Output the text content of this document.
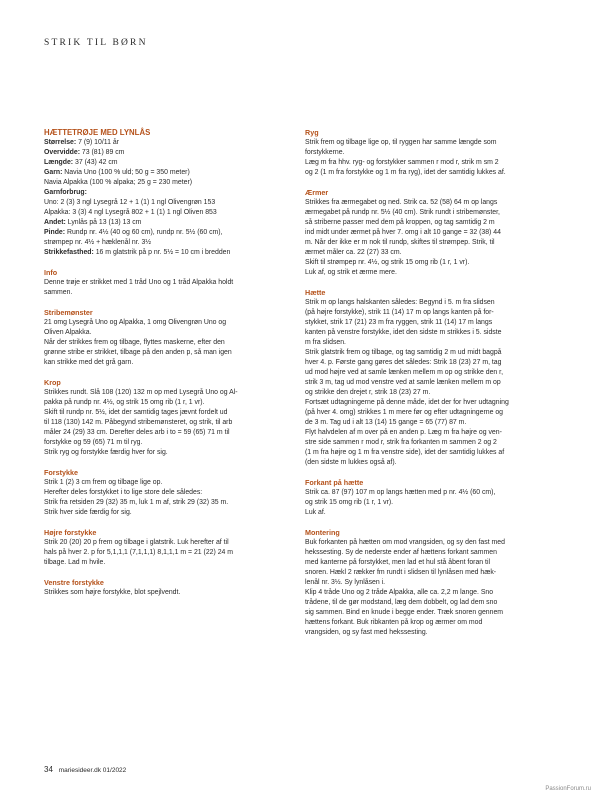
STRIK TIL BØRN
HÆTTETRØJE MED LYNLÅS
Størrelse: 7 (9) 10/11 år
Overvidde: 73 (81) 89 cm
Længde: 37 (43) 42 cm
Garn: Navia Uno (100 % uld; 50 g = 350 meter)
Navia Alpakka (100 % alpaka; 25 g = 230 meter)
Garnforbrug:
Uno: 2 (3) 3 ngl Lysegrå 12 + 1 (1) 1 ngl Olivengrøn 153
Alpakka: 3 (3) 4 ngl Lysegrå 802 + 1 (1) 1 ngl Oliven 853
Andet: Lynlås på 13 (13) 13 cm
Pinde: Rundp nr. 4½ (40 og 60 cm), rundp nr. 5½ (60 cm),
strømpep nr. 4½ + hæklenål nr. 3½
Strikkefasthed: 16 m glatstrik på p nr. 5½ = 10 cm i bredden
Info
Denne trøje er strikket med 1 tråd Uno og 1 tråd Alpakka holdt
sammen.
Stribemønster
21 omg Lysegrå Uno og Alpakka, 1 omg Olivengrøn Uno og
Oliven Alpakka.
Når der strikkes frem og tilbage, flyttes maskerne, efter den
grønne stribe er strikket, tilbage på den anden p, så man igen
kan strikke med det grå garn.
Krop
Strikkes rundt. Slå 108 (120) 132 m op med Lysegrå Uno og Al-
pakka på rundp nr. 4½, og strik 15 omg rib (1 r, 1 vr).
Skift til rundp nr. 5½, idet der samtidig tages jævnt fordelt ud
til 118 (130) 142 m. Påbegynd stribemønsteret, og strik, til arb
måler 24 (29) 33 cm. Derefter deles arb i to = 59 (65) 71 m til
forstykke og 59 (65) 71 m til ryg.
Strik ryg og forstykke færdig hver for sig.
Forstykke
Strik 1 (2) 3 cm frem og tilbage lige op.
Herefter deles forstykket i to lige store dele således:
Strik fra retsiden 29 (32) 35 m, luk 1 m af, strik 29 (32) 35 m.
Strik hver side færdig for sig.
Højre forstykke
Strik 20 (20) 20 p frem og tilbage i glatstrik. Luk herefter af til
hals på hver 2. p for 5,1,1,1 (7,1,1,1) 8,1,1,1 m = 21 (22) 24 m
tilbage. Lad m hvile.
Venstre forstykke
Strikkes som højre forstykke, blot spejlvendt.
Ryg
Strik frem og tilbage lige op, til ryggen har samme længde som
forstykkerne.
Læg m fra hhv. ryg- og forstykker sammen r mod r, strik m sm 2
og 2 (1 m fra forstykke og 1 m fra ryg), idet der samtidig lukkes af.
Ærmer
Strikkes fra ærmegabet og ned. Strik ca. 52 (58) 64 m op langs
ærmegabet på rundp nr. 5½ (40 cm). Strik rundt i stribemønster,
så striberne passer med dem på kroppen, og tag samtidig 2 m
ind midt under ærmet på hver 7. omg i alt 10 gange = 32 (38) 44
m. Når der ikke er m nok til rundp, skiftes til strømpep. Strik, til
ærmet måler ca. 22 (27) 33 cm.
Skift til strømpep nr. 4½, og strik 15 omg rib (1 r, 1 vr).
Luk af, og strik et ærme mere.
Hætte
Strik m op langs halskanten således: Begynd i 5. m fra slidsen
(på højre forstykke), strik 11 (14) 17 m op langs kanten på for-
stykket, strik 17 (21) 23 m fra ryggen, strik 11 (14) 17 m langs
kanten på venstre forstykke, idet den sidste m strikkes i 5. sidste
m fra slidsen.
Strik glatstrik frem og tilbage, og tag samtidig 2 m ud midt bagpå
hver 4. p. Første gang gøres det således: Strik 18 (23) 27 m, tag
ud mod højre ved at samle lænken mellem m op og strikke den r,
strik 3 m, tag ud mod venstre ved at samle lænken mellem m op
og strikke den drejet r, strik 18 (23) 27 m.
Fortsæt udtagningerne på denne måde, idet der for hver udtagning
(på hver 4. omg) strikkes 1 m mere før og efter udtagningerne og
de 3 m. Tag ud i alt 13 (14) 15 gange = 65 (77) 87 m.
Flyt halvdelen af m over på en anden p. Læg m fra højre og ven-
stre side sammen r mod r, strik fra forkanten m sammen 2 og 2
(1 m fra højre og 1 m fra venstre side), idet der samtidig lukkes af
(den sidste m lukkes også af).
Forkant på hætte
Strik ca. 87 (97) 107 m op langs hætten med p nr. 4½ (60 cm),
og strik 15 omg rib (1 r, 1 vr).
Luk af.
Montering
Buk forkanten på hætten om mod vrangsiden, og sy den fast med
hekssesting. Sy de nederste ender af hættens forkant sammen
med kanterne på forstykket, men lad et hul stå åbent foran til
snoren. Hækl 2 rækker fm rundt i slidsen til lynlåsen med hæk-
lenål nr. 3½. Sy lynlåsen i.
Klip 4 tråde Uno og 2 tråde Alpakka, alle ca. 2,2 m lange. Sno
trådene, til de gør modstand, læg dem dobbelt, og lad dem sno
sig sammen. Bind en knude i begge ender. Træk snoren gennem
hættens forkant. Buk ribkanten på krop og ærmer om mod
vrangsiden, og sy fast med hekssesting.
34 mariesideer.dk 01/2022
PassionForum.ru
